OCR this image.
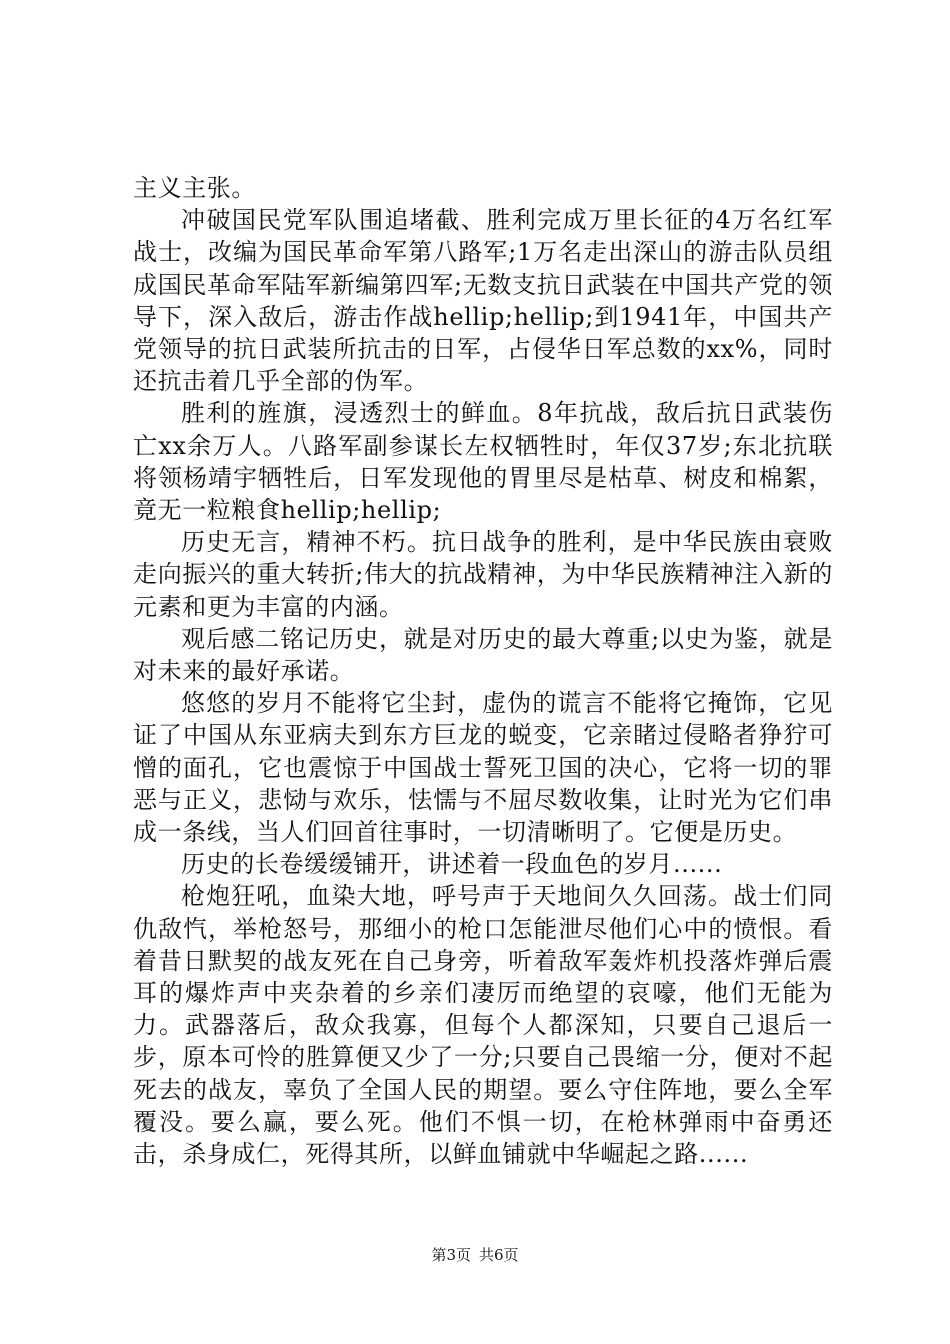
主义主张。

冲破国民党军队围追堵截、胜利完成万里长征的4万名红军战士，改编为国民革命军第八路军;1万名走出深山的游击队员组成国民革命军陆军新编第四军;无数支抗日武装在中国共产党的领导下，深入敌后，游击作战hellip;hellip;到1941年，中国共产党领导的抗日武装所抗击的日军，占侵华日军总数的xx%，同时还抗击着几乎全部的伪军。

胜利的旌旗，浸透烈士的鲜血。8年抗战，敌后抗日武装伤亡xx余万人。八路军副参谋长左权牺牲时，年仅37岁;东北抗联将领杨靖宇牺牲后，日军发现他的胃里尽是枯草、树皮和棉絮，竟无一粒粮食hellip;hellip;

历史无言，精神不朽。抗日战争的胜利，是中华民族由衰败走向振兴的重大转折;伟大的抗战精神，为中华民族精神注入新的元素和更为丰富的内涵。

观后感二铭记历史，就是对历史的最大尊重;以史为鉴，就是对未来的最好承诺。

悠悠的岁月不能将它尘封，虚伪的谎言不能将它掩饰，它见证了中国从东亚病夫到东方巨龙的蜕变，它亲睹过侵略者狰狞可憎的面孔，它也震惊于中国战士誓死卫国的决心，它将一切的罪恶与正义，悲恸与欢乐，怯懦与不屈尽数收集，让时光为它们串成一条线，当人们回首往事时，一切清晰明了。它便是历史。

历史的长卷缓缓铺开，讲述着一段血色的岁月......

枪炮狂吼，血染大地，呼号声于天地间久久回荡。战士们同仇敌忾，举枪怒号，那细小的枪口怎能泄尽他们心中的愤恨。看着昔日默契的战友死在自己身旁，听着敌军轰炸机投落炸弹后震耳的爆炸声中夹杂着的乡亲们凄厉而绝望的哀嚎，他们无能为力。武器落后，敌众我寡，但每个人都深知，只要自己退后一步，原本可怜的胜算便又少了一分;只要自己畏缩一分，便对不起死去的战友，辜负了全国人民的期望。要么守住阵地，要么全军覆没。要么赢，要么死。他们不惧一切，在枪林弹雨中奋勇还击，杀身成仁，死得其所，以鲜血铺就中华崛起之路......

第3页 共6页
